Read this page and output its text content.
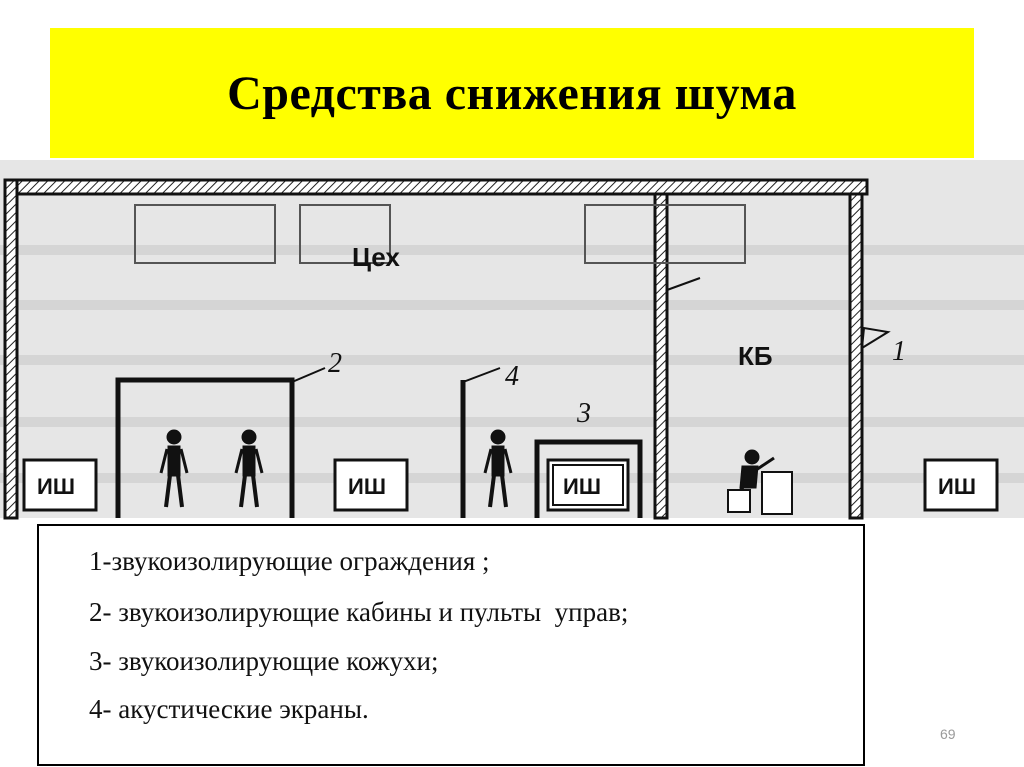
Средства снижения шума
Цех
КБ
2	4
3
1
ИШ	ИШ	ИШ	ИШ
1-звукоизолирующие ограждения ;
2- звукоизолирующие кабины и пульты  управ;
3- звукоизолирующие кожухи;
4- акустические экраны.
69
